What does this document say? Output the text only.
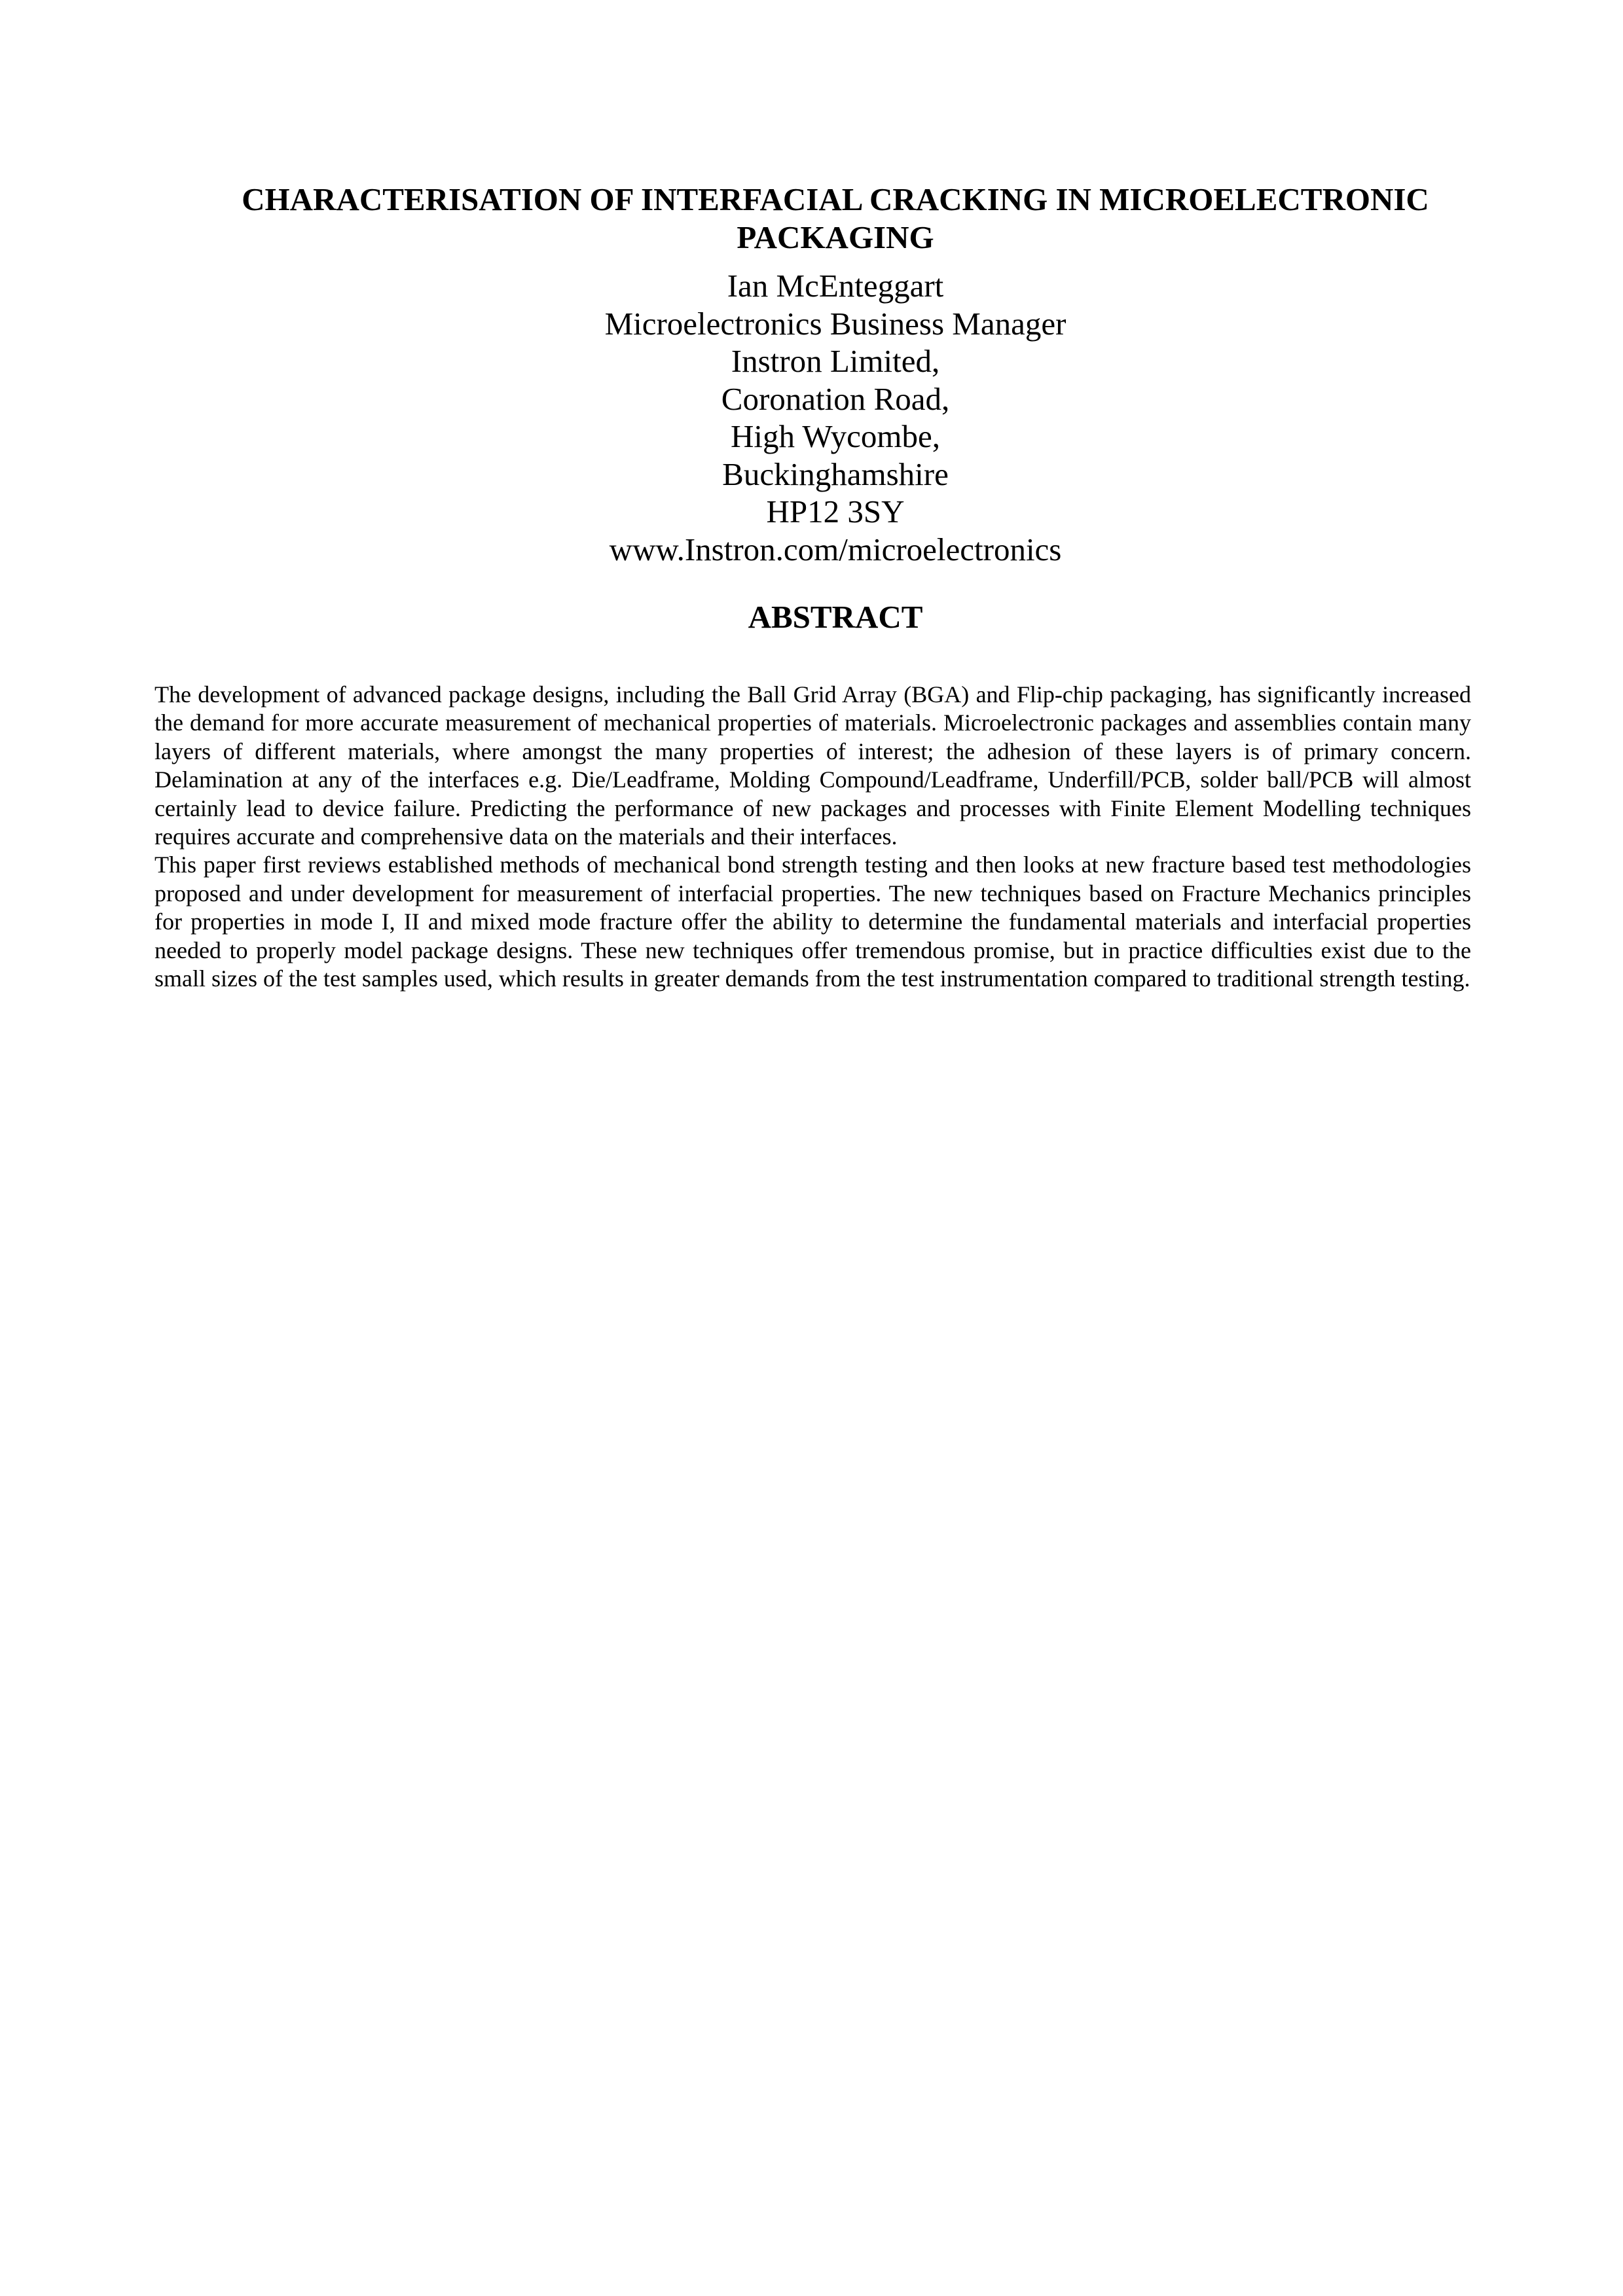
CHARACTERISATION OF INTERFACIAL CRACKING IN MICROELECTRONIC
PACKAGING
Ian McEnteggart
Microelectronics Business Manager
Instron Limited,
Coronation Road,
High Wycombe,
Buckinghamshire
HP12 3SY
www.Instron.com/microelectronics
ABSTRACT

The development of advanced package designs, including the Ball Grid Array (BGA) and Flip-chip packaging, has significantly increased the demand for more accurate measurement of mechanical properties of materials. Microelectronic packages and assemblies contain many layers of different materials, where amongst the many properties of interest; the adhesion of these layers is of primary concern. Delamination at any of the interfaces e.g. Die/Leadframe, Molding Compound/Leadframe, Underfill/PCB, solder ball/PCB will almost certainly lead to device failure. Predicting the performance of new packages and processes with Finite Element Modelling techniques requires accurate and comprehensive data on the materials and their interfaces.

This paper first reviews established methods of mechanical bond strength testing and then looks at new fracture based test methodologies proposed and under development for measurement of interfacial properties. The new techniques based on Fracture Mechanics principles for properties in mode I, II and mixed mode fracture offer the ability to determine the fundamental materials and interfacial properties needed to properly model package designs. These new techniques offer tremendous promise, but in practice difficulties exist due to the small sizes of the test samples used, which results in greater demands from the test instrumentation compared to traditional strength testing.
